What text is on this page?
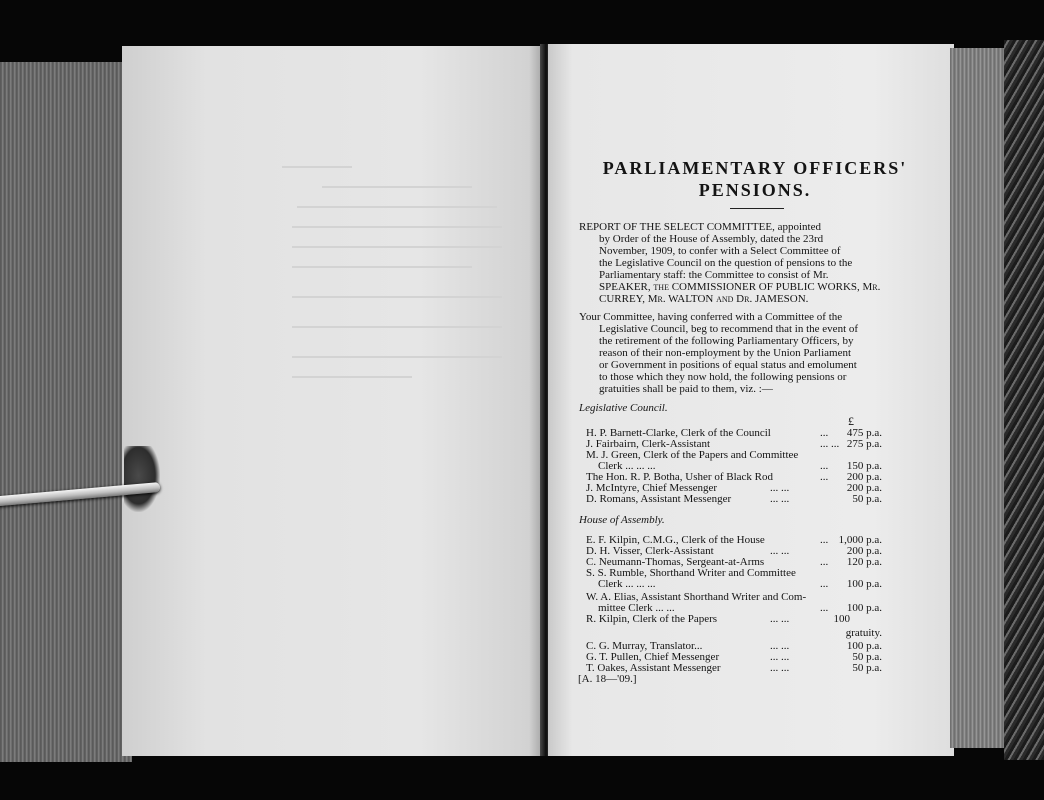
PARLIAMENTARY OFFICERS'
PENSIONS.
REPORT OF THE SELECT COMMITTEE, appointed
by Order of the House of Assembly, dated the 23rd
November, 1909, to confer with a Select Committee of
the Legislative Council on the question of pensions to the
Parliamentary staff: the Committee to consist of Mr.
SPEAKER, the COMMISSIONER OF PUBLIC WORKS, Mr.
CURREY, Mr. WALTON and Dr. JAMESON.
Your Committee, having conferred with a Committee of the
Legislative Council, beg to recommend that in the event of
the retirement of the following Parliamentary Officers, by
reason of their non-employment by the Union Parliament
or Government in positions of equal status and emolument
to those which they now hold, the following pensions or
gratuities shall be paid to them, viz. :—
Legislative Council.
£
H. P. Barnett-Clarke, Clerk of the Council	... 475 p.a.
J. Fairbairn, Clerk-Assistant	... ... 275 p.a.
M. J. Green, Clerk of the Papers and Committee
Clerk ... ... ...	... 150 p.a.
The Hon. R. P. Botha, Usher of Black Rod	... 200 p.a.
J. McIntyre, Chief Messenger	... ...	200 p.a.
D. Romans, Assistant Messenger	... ...	50 p.a.
House of Assembly.
E. F. Kilpin, C.M.G., Clerk of the House	... 1,000 p.a.
D. H. Visser, Clerk-Assistant	... ...	200 p.a.
C. Neumann-Thomas, Sergeant-at-Arms	... 120 p.a.
S. S. Rumble, Shorthand Writer and Committee
Clerk ... ... ...	... 100 p.a.
W. A. Elias, Assistant Shorthand Writer and Com-
mittee Clerk ... ...	... 100 p.a.
R. Kilpin, Clerk of the Papers	... ...	100
gratuity.
C. G. Murray, Translator...	... ...	100 p.a.
G. T. Pullen, Chief Messenger	... ...	50 p.a.
T. Oakes, Assistant Messenger	... ...	50 p.a.
[A. 18—'09.]
